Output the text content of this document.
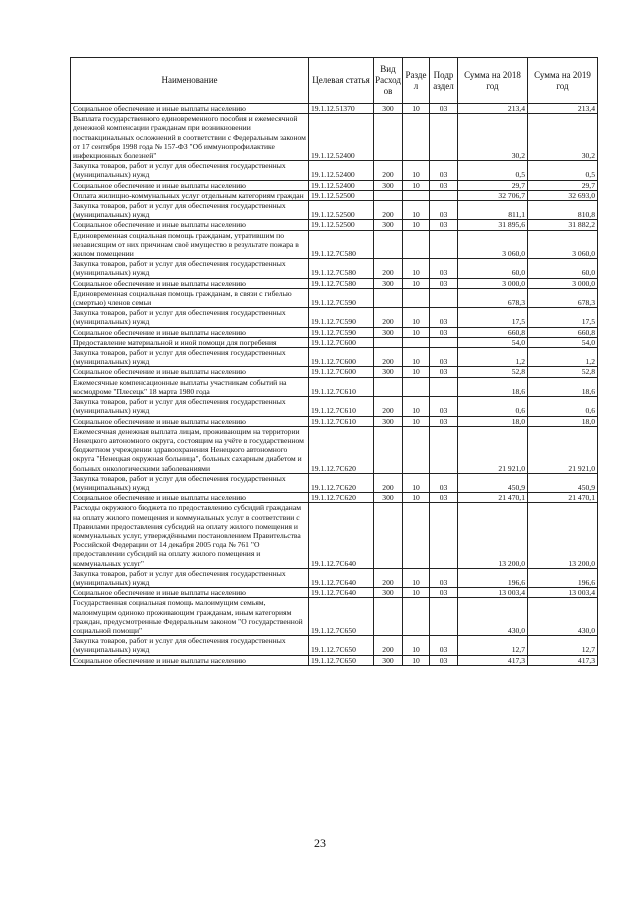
Наименование	Целевая статья	Вид Расход ов	Разде л	Подр аздел	Сумма на 2018 год	Сумма на 2019 год
Социальное обеспечение и иные выплаты населению	19.1.12.51370	300	10	03	213,4	213,4
Выплата государственного единовременного пособия и ежемесячной денежной компенсации гражданам при возникновении поствакцинальных осложнений в соответствии с Федеральным законом от 17 сентября 1998 года № 157-ФЗ "Об иммунопрофилактике инфекционных болезней"	19.1.12.52400				30,2	30,2
Закупка товаров, работ и услуг для обеспечения государственных (муниципальных) нужд	19.1.12.52400	200	10	03	0,5	0,5
Социальное обеспечение и иные выплаты населению	19.1.12.52400	300	10	03	29,7	29,7
Оплата жилищно-коммунальных услуг отдельным категориям граждан	19.1.12.52500				32 706,7	32 693,0
Закупка товаров, работ и услуг для обеспечения государственных (муниципальных) нужд	19.1.12.52500	200	10	03	811,1	810,8
Социальное обеспечение и иные выплаты населению	19.1.12.52500	300	10	03	31 895,6	31 882,2
Единовременная социальная помощь гражданам, утратившим по независящим от них причинам своё имущество в результате пожара в жилом помещении	19.1.12.7С580				3 060,0	3 060,0
Закупка товаров, работ и услуг для обеспечения государственных (муниципальных) нужд	19.1.12.7С580	200	10	03	60,0	60,0
Социальное обеспечение и иные выплаты населению	19.1.12.7С580	300	10	03	3 000,0	3 000,0
Единовременная социальная помощь гражданам, в связи с гибелью (смертью) членов семьи	19.1.12.7С590				678,3	678,3
Закупка товаров, работ и услуг для обеспечения государственных (муниципальных) нужд	19.1.12.7С590	200	10	03	17,5	17,5
Социальное обеспечение и иные выплаты населению	19.1.12.7С590	300	10	03	660,8	660,8
Предоставление материальной и иной помощи для погребения	19.1.12.7С600				54,0	54,0
Закупка товаров, работ и услуг для обеспечения государственных (муниципальных) нужд	19.1.12.7С600	200	10	03	1,2	1,2
Социальное обеспечение и иные выплаты населению	19.1.12.7С600	300	10	03	52,8	52,8
Ежемесячные компенсационные выплаты участникам событий на космодроме "Плесецк" 18 марта 1980 года	19.1.12.7С610				18,6	18,6
Закупка товаров, работ и услуг для обеспечения государственных (муниципальных) нужд	19.1.12.7С610	200	10	03	0,6	0,6
Социальное обеспечение и иные выплаты населению	19.1.12.7С610	300	10	03	18,0	18,0
Ежемесячная денежная выплата лицам, проживающим на территории Ненецкого автономного округа, состоящим на учёте в государственном бюджетном учреждении здравоохранения Ненецкого автономного округа "Ненецкая окружная больница", больных сахарным диабетом и больных онкологическими заболеваниями	19.1.12.7С620				21 921,0	21 921,0
Закупка товаров, работ и услуг для обеспечения государственных (муниципальных) нужд	19.1.12.7С620	200	10	03	450,9	450,9
Социальное обеспечение и иные выплаты населению	19.1.12.7С620	300	10	03	21 470,1	21 470,1
Расходы окружного бюджета по предоставлению субсидий гражданам на оплату жилого помещения и коммунальных услуг в соответствии с Правилами предоставления субсидий на оплату жилого помещения и коммунальных услуг, утверждёнными постановлением Правительства Российской Федерации от 14 декабря 2005 года № 761 "О предоставлении субсидий на оплату жилого помещения и коммунальных услуг"	19.1.12.7С640				13 200,0	13 200,0
Закупка товаров, работ и услуг для обеспечения государственных (муниципальных) нужд	19.1.12.7С640	200	10	03	196,6	196,6
Социальное обеспечение и иные выплаты населению	19.1.12.7С640	300	10	03	13 003,4	13 003,4
Государственная социальная помощь малоимущим семьям, малоимущим одиноко проживающим гражданам, иным категориям граждан, предусмотренные Федеральным законом "О государственной социальной помощи"	19.1.12.7С650				430,0	430,0
Закупка товаров, работ и услуг для обеспечения государственных (муниципальных) нужд	19.1.12.7С650	200	10	03	12,7	12,7
Социальное обеспечение и иные выплаты населению	19.1.12.7С650	300	10	03	417,3	417,3
23
